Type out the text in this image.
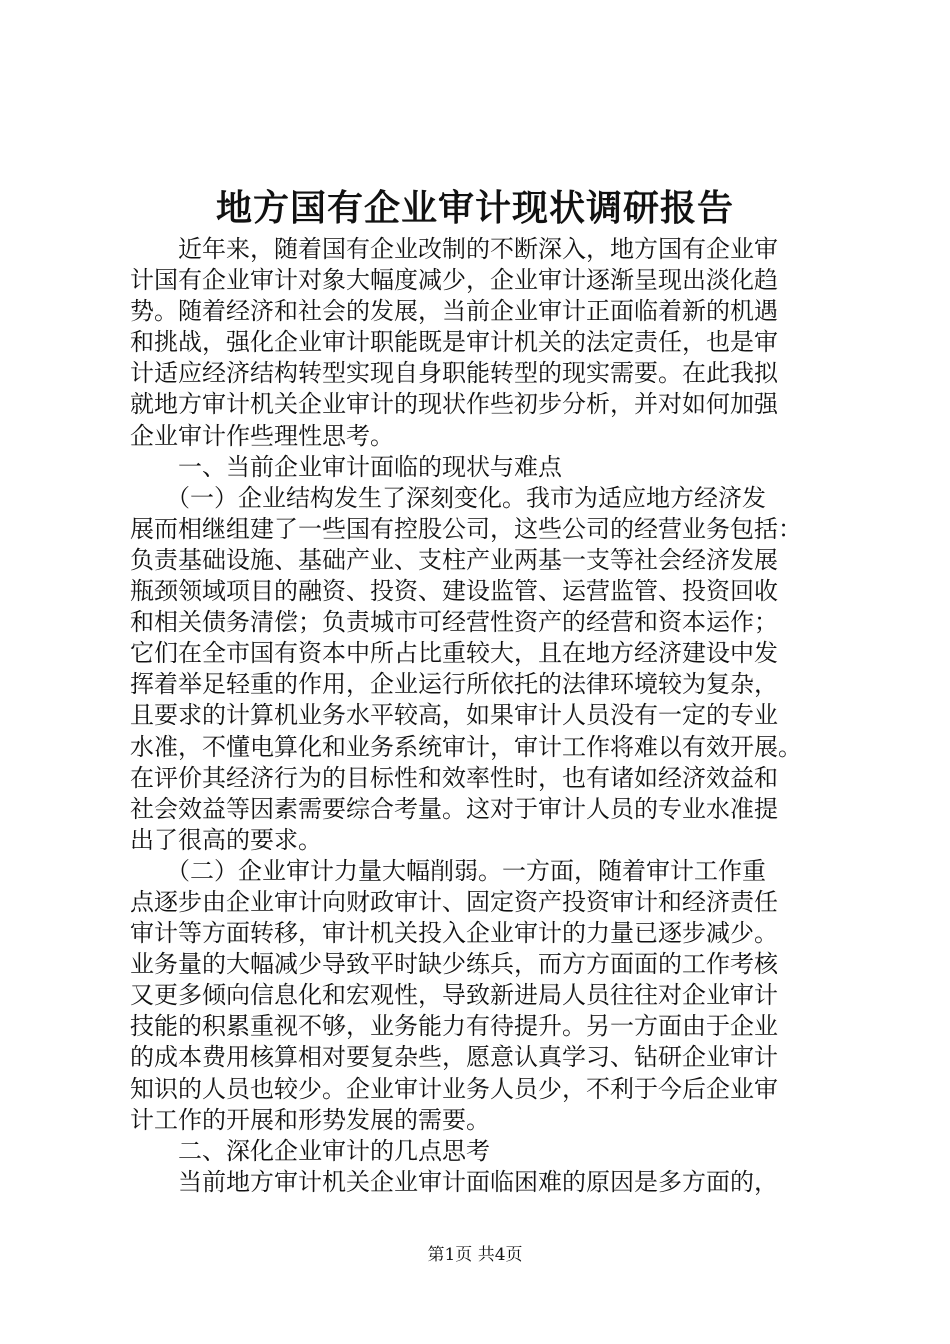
地方国有企业审计现状调研报告
　　近年来，随着国有企业改制的不断深入，地方国有企业审
计国有企业审计对象大幅度减少，企业审计逐渐呈现出淡化趋
势。随着经济和社会的发展，当前企业审计正面临着新的机遇
和挑战，强化企业审计职能既是审计机关的法定责任，也是审
计适应经济结构转型实现自身职能转型的现实需要。在此我拟
就地方审计机关企业审计的现状作些初步分析，并对如何加强
企业审计作些理性思考。
　　一、当前企业审计面临的现状与难点
　　（一）企业结构发生了深刻变化。我市为适应地方经济发
展而相继组建了一些国有控股公司，这些公司的经营业务包括：
负责基础设施、基础产业、支柱产业两基一支等社会经济发展
瓶颈领域项目的融资、投资、建设监管、运营监管、投资回收
和相关债务清偿；负责城市可经营性资产的经营和资本运作；
它们在全市国有资本中所占比重较大，且在地方经济建设中发
挥着举足轻重的作用，企业运行所依托的法律环境较为复杂，
且要求的计算机业务水平较高，如果审计人员没有一定的专业
水准，不懂电算化和业务系统审计，审计工作将难以有效开展。
在评价其经济行为的目标性和效率性时，也有诸如经济效益和
社会效益等因素需要综合考量。这对于审计人员的专业水准提
出了很高的要求。
　　（二）企业审计力量大幅削弱。一方面，随着审计工作重
点逐步由企业审计向财政审计、固定资产投资审计和经济责任
审计等方面转移，审计机关投入企业审计的力量已逐步减少。
业务量的大幅减少导致平时缺少练兵，而方方面面的工作考核
又更多倾向信息化和宏观性，导致新进局人员往往对企业审计
技能的积累重视不够，业务能力有待提升。另一方面由于企业
的成本费用核算相对要复杂些，愿意认真学习、钻研企业审计
知识的人员也较少。企业审计业务人员少，不利于今后企业审
计工作的开展和形势发展的需要。
　　二、深化企业审计的几点思考
　　当前地方审计机关企业审计面临困难的原因是多方面的，
第1页 共4页
